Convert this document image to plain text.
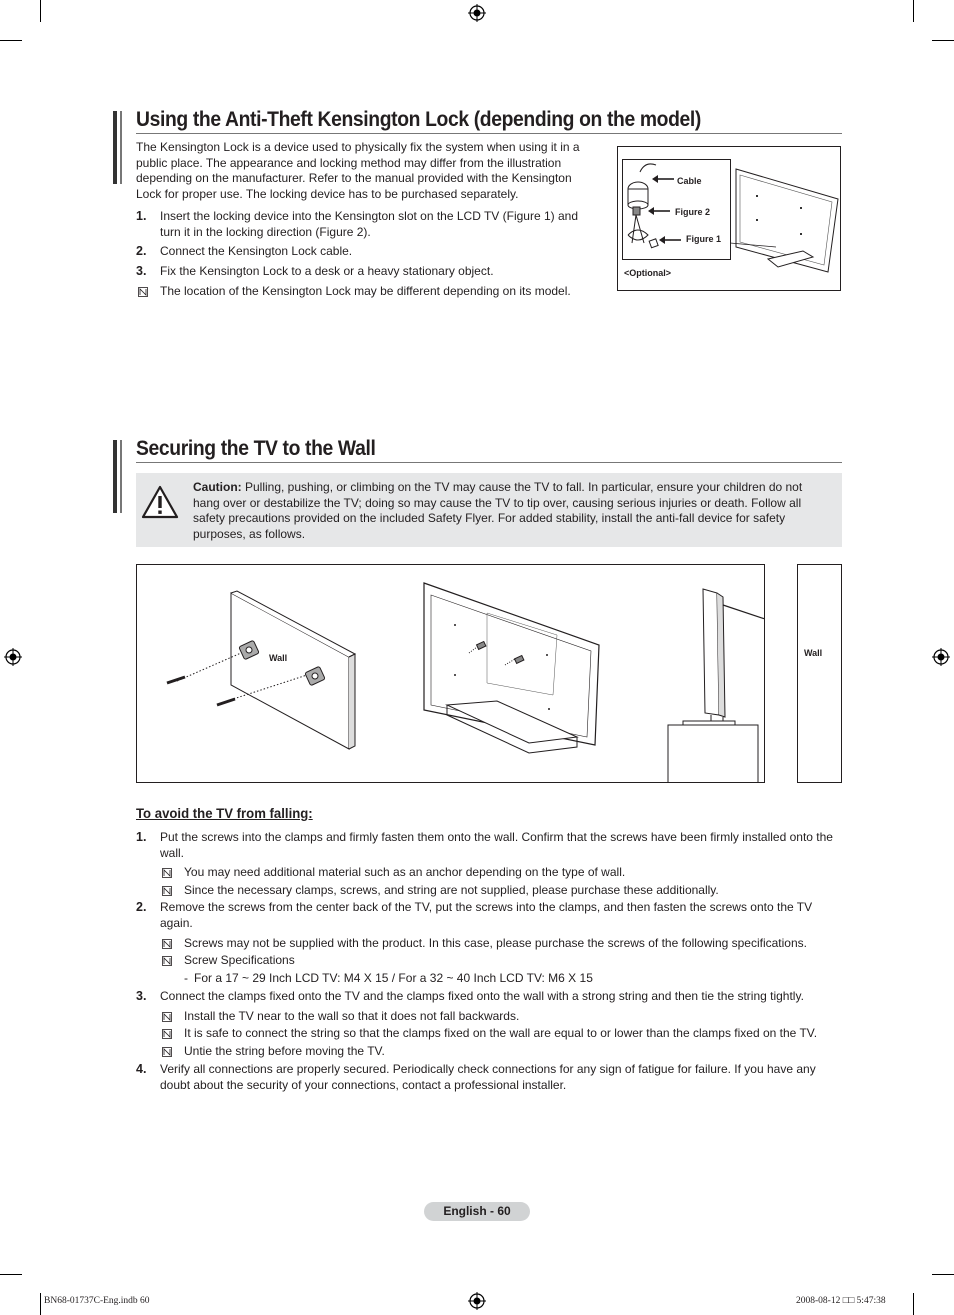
Using the Anti-Theft Kensington Lock (depending on the model)
The Kensington Lock is a device used to physically fix the system when using it in a public place. The appearance and locking method may differ from the illustration depending on the manufacturer. Refer to the manual provided with the Kensington Lock for proper use. The locking device has to be purchased separately.
1. Insert the locking device into the Kensington slot on the LCD TV (Figure 1) and turn it in the locking direction (Figure 2).
2. Connect the Kensington Lock cable.
3. Fix the Kensington Lock to a desk or a heavy stationary object.
The location of the Kensington Lock may be different depending on its model.
Cable
Figure 2
Figure 1
<Optional>
Securing the TV to the Wall
Caution: Pulling, pushing, or climbing on the TV may cause the TV to fall. In particular, ensure your children do not hang over or destabilize the TV; doing so may cause the TV to tip over, causing serious injuries or death. Follow all safety precautions provided on the included Safety Flyer. For added stability, install the anti-fall device for safety purposes, as follows.
Wall	Wall
To avoid the TV from falling:
1. Put the screws into the clamps and firmly fasten them onto the wall. Confirm that the screws have been firmly installed onto the wall.
You may need additional material such as an anchor depending on the type of wall.
Since the necessary clamps, screws, and string are not supplied, please purchase these additionally.
2. Remove the screws from the center back of the TV, put the screws into the clamps, and then fasten the screws onto the TV again.
Screws may not be supplied with the product. In this case, please purchase the screws of the following specifications.
Screw Specifications
- For a 17 ~ 29 Inch LCD TV: M4 X 15 / For a 32 ~ 40 Inch LCD TV: M6 X 15
3. Connect the clamps fixed onto the TV and the clamps fixed onto the wall with a strong string and then tie the string tightly.
Install the TV near to the wall so that it does not fall backwards.
It is safe to connect the string so that the clamps fixed on the wall are equal to or lower than the clamps fixed on the TV.
Untie the string before moving the TV.
4. Verify all connections are properly secured. Periodically check connections for any sign of fatigue for failure. If you have any doubt about the security of your connections, contact a professional installer.
English - 60
BN68-01737C-Eng.indb 60	2008-08-12 □□ 5:47:38
